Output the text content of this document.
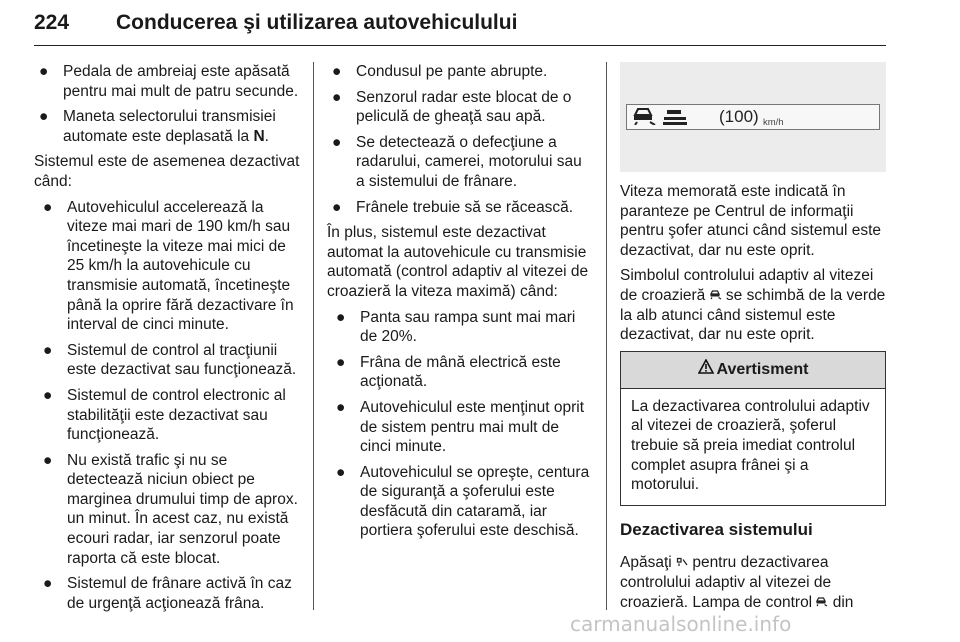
224 Conducerea şi utilizarea autovehiculului
● Pedala de ambreiaj este apăsată pentru mai mult de patru secunde.
● Maneta selectorului transmisiei automate este deplasată la N.

Sistemul este de asemenea dezactivat când:

● Autovehiculul accelerează la viteze mai mari de 190 km/h sau încetineşte la viteze mai mici de 25 km/h la autovehicule cu transmisie automată, încetineşte până la oprire fără dezactivare în interval de cinci minute.
● Sistemul de control al tracţiunii este dezactivat sau funcţionează.
● Sistemul de control electronic al stabilităţii este dezactivat sau funcţionează.
● Nu există trafic şi nu se detectează niciun obiect pe marginea drumului timp de aprox. un minut. În acest caz, nu există ecouri radar, iar senzorul poate raporta că este blocat.
● Sistemul de frânare activă în caz de urgenţă acţionează frâna.
● Condusul pe pante abrupte.
● Senzorul radar este blocat de o peliculă de gheaţă sau apă.
● Se detectează o defecţiune a radarului, camerei, motorului sau a sistemului de frânare.
● Frânele trebuie să se răcească.

În plus, sistemul este dezactivat automat la autovehicule cu transmisie automată (control adaptiv al vitezei de croazieră la viteza maximă) când:

● Panta sau rampa sunt mai mari de 20%.
● Frâna de mână electrică este acţionată.
● Autovehiculul este menţinut oprit de sistem pentru mai mult de cinci minute.
● Autovehiculul se opreşte, centura de siguranţă a şoferului este desfăcută din cataramă, iar portiera şoferului este deschisă.
(100) km/h

Viteza memorată este indicată în paranteze pe Centrul de informaţii pentru şofer atunci când sistemul este dezactivat, dar nu este oprit.

Simbolul controlului adaptiv al vitezei de croazieră  se schimbă de la verde la alb atunci când sistemul este dezactivat, dar nu este oprit.

Avertisment
La dezactivarea controlului adaptiv al vitezei de croazieră, şoferul trebuie să preia imediat controlul complet asupra frânei şi a motorului.
Dezactivarea sistemului

Apăsaţi  pentru dezactivarea controlului adaptiv al vitezei de croazieră. Lampa de control  din

carmanualsonline.info
